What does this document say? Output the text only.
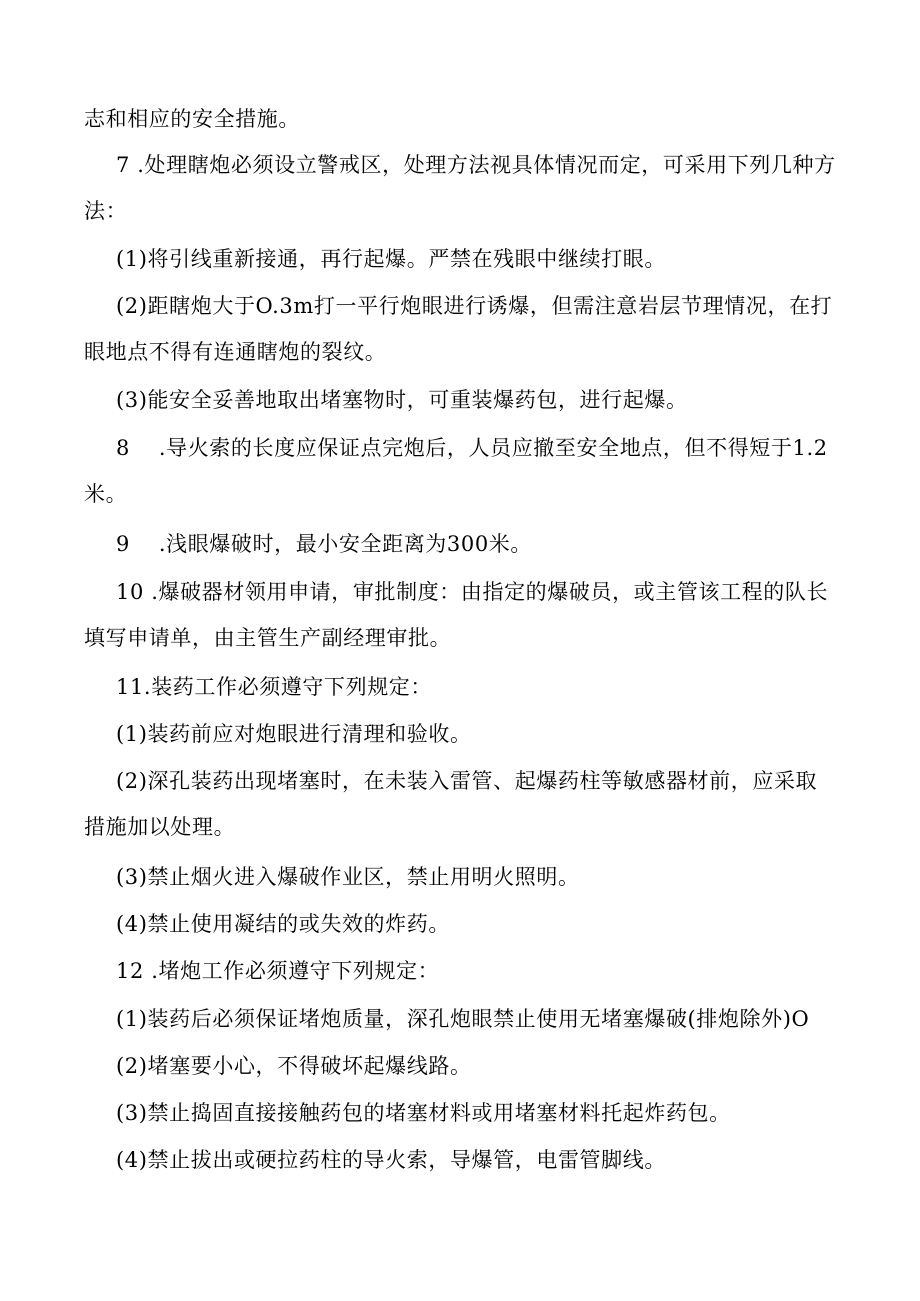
志和相应的安全措施。

7 .处理瞎炮必须设立警戒区，处理方法视具体情况而定，可采用下列几种方法：

(1)将引线重新接通，再行起爆。严禁在残眼中继续打眼。

(2)距瞎炮大于O.3m打一平行炮眼进行诱爆，但需注意岩层节理情况，在打眼地点不得有连通瞎炮的裂纹。

(3)能安全妥善地取出堵塞物时，可重装爆药包，进行起爆。

8　 .导火索的长度应保证点完炮后，人员应撤至安全地点，但不得短于1.2米。

9　 .浅眼爆破时，最小安全距离为300米。

10 .爆破器材领用申请，审批制度：由指定的爆破员，或主管该工程的队长填写申请单，由主管生产副经理审批。

11.装药工作必须遵守下列规定：

(1)装药前应对炮眼进行清理和验收。

(2)深孔装药出现堵塞时，在未装入雷管、起爆药柱等敏感器材前，应采取措施加以处理。

(3)禁止烟火进入爆破作业区，禁止用明火照明。

(4)禁止使用凝结的或失效的炸药。

12 .堵炮工作必须遵守下列规定：

(1)装药后必须保证堵炮质量，深孔炮眼禁止使用无堵塞爆破(排炮除外)O

(2)堵塞要小心，不得破坏起爆线路。

(3)禁止捣固直接接触药包的堵塞材料或用堵塞材料托起炸药包。

(4)禁止拔出或硬拉药柱的导火索，导爆管，电雷管脚线。
